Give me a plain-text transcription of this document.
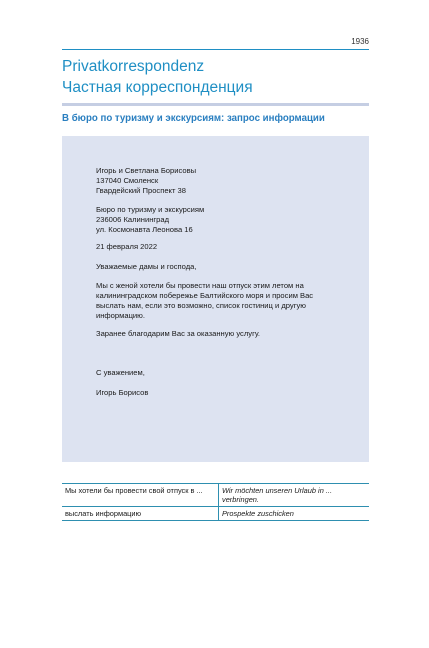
1936
Privatkorrespondenz
Частная корреспонденция
В бюро по туризму и экскурсиям: запрос информации
Игорь и Светлана Борисовы
137040 Смоленск
Гвардейский Проспект 38
Бюро по туризму и экскурсиям
236006 Калининград
ул. Космонавта Леонова 16
21 февраля 2022
Уважаемые дамы и господа,
Мы с женой хотели бы провести наш отпуск этим летом на
калининградском побережье Балтийского моря и просим Вас
выслать нам, если это возможно, список гостиниц и другую
информацию.
Заранее благодарим Вас за оказанную услугу.
С уважением,
Игорь Борисов
Мы хотели бы провести свой отпуск в ...	Wir möchten unseren Urlaub in ... verbringen.
выслать информацию	Prospekte zuschicken
